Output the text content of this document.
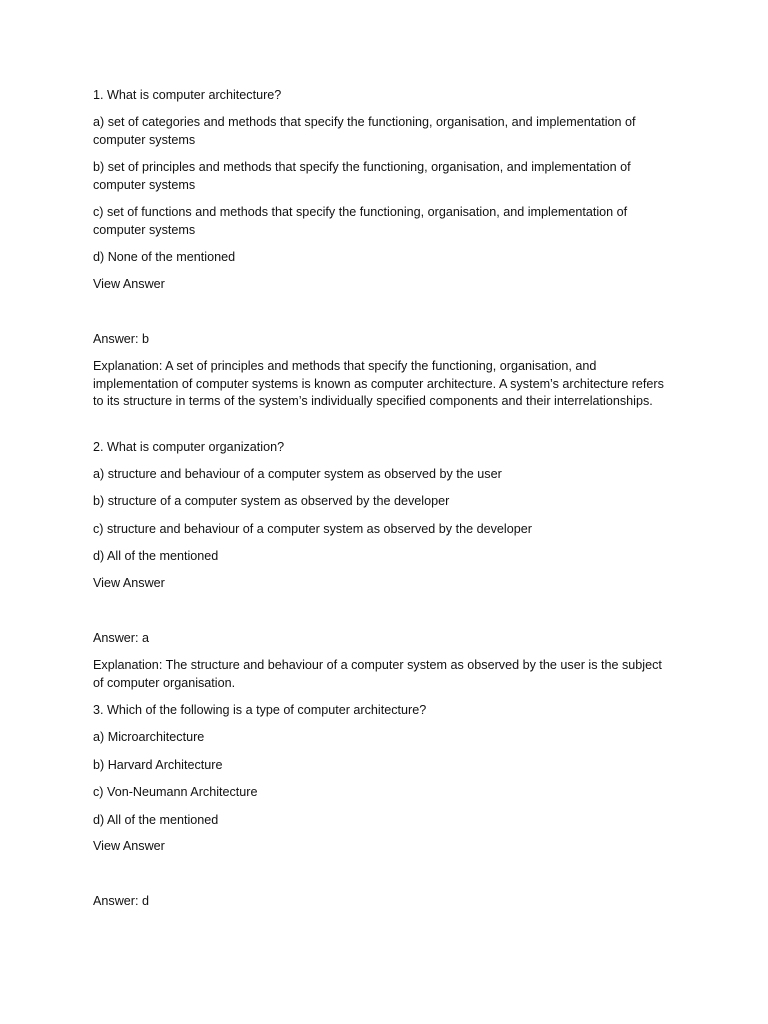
1. What is computer architecture?

a) set of categories and methods that specify the functioning, organisation, and implementation of computer systems

b) set of principles and methods that specify the functioning, organisation, and implementation of computer systems

c) set of functions and methods that specify the functioning, organisation, and implementation of computer systems

d) None of the mentioned

View Answer

Answer: b

Explanation: A set of principles and methods that specify the functioning, organisation, and implementation of computer systems is known as computer architecture. A system’s architecture refers to its structure in terms of the system’s individually specified components and their interrelationships.

2. What is computer organization?

a) structure and behaviour of a computer system as observed by the user

b) structure of a computer system as observed by the developer

c) structure and behaviour of a computer system as observed by the developer

d) All of the mentioned

View Answer

Answer: a

Explanation: The structure and behaviour of a computer system as observed by the user is the subject of computer organisation.

3. Which of the following is a type of computer architecture?

a) Microarchitecture

b) Harvard Architecture

c) Von-Neumann Architecture

d) All of the mentioned

View Answer

Answer: d
